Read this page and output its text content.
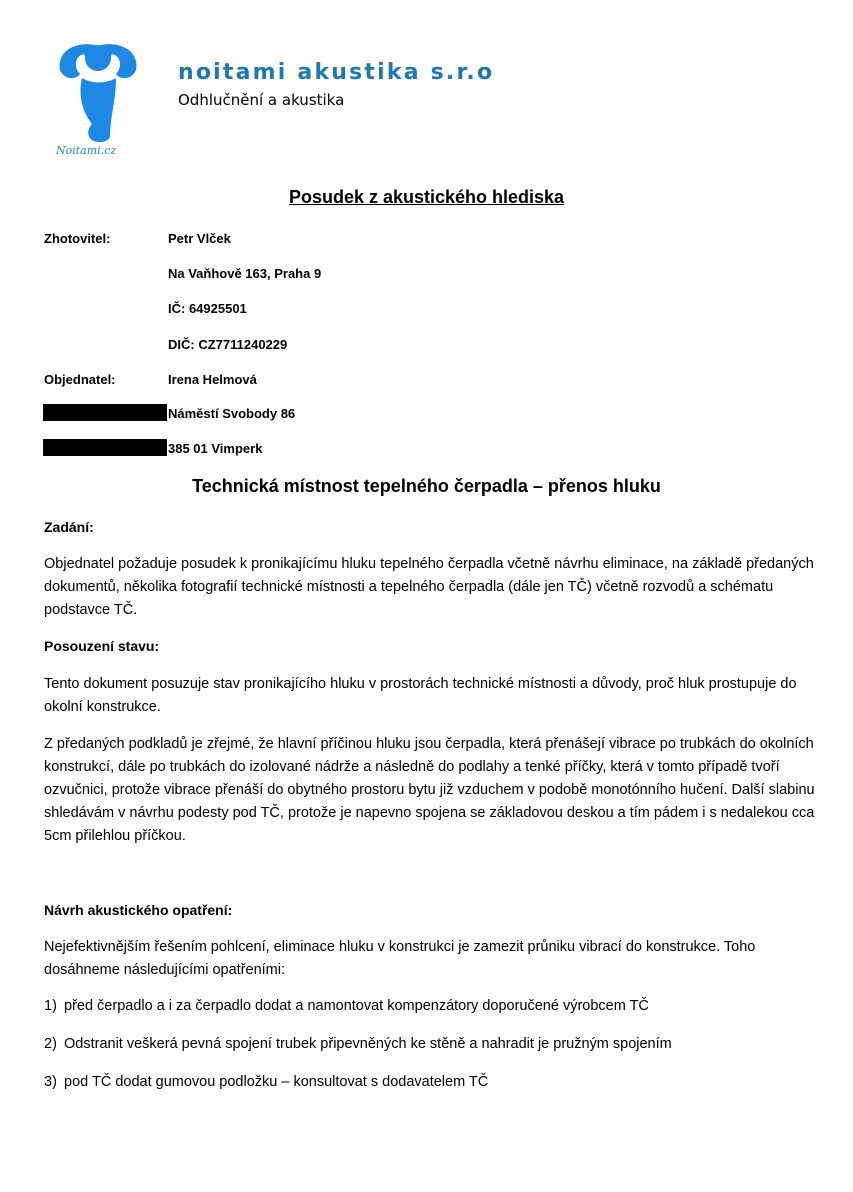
Noitami.cz
noitami akustika s.r.o
Odhlučnění a akustika
Posudek z akustického hlediska
Zhotovitel:	Petr Vlček
Na Vaňhově 163, Praha 9
IČ: 64925501
DIČ: CZ7711240229
Objednatel:	Irena Helmová
Náměstí Svobody 86
385 01 Vimperk
Technická místnost tepelného čerpadla – přenos hluku
Zadání:
Objednatel požaduje posudek k pronikajícímu hluku tepelného čerpadla včetně návrhu eliminace, na základě předaných dokumentů, několika fotografií technické místnosti a tepelného čerpadla (dále jen TČ) včetně rozvodů a schématu podstavce TČ.
Posouzení stavu:
Tento dokument posuzuje stav pronikajícího hluku v prostorách technické místnosti a důvody, proč hluk prostupuje do okolní konstrukce.
Z předaných podkladů je zřejmé, že hlavní příčinou hluku jsou čerpadla, která přenášejí vibrace po trubkách do okolních konstrukcí, dále po trubkách do izolované nádrže a následně do podlahy a tenké příčky, která v tomto případě tvoří ozvučnici, protože vibrace přenáší do obytného prostoru bytu již vzduchem v podobě monotónního hučení. Další slabinu shledávám v návrhu podesty pod TČ, protože je napevno spojena se základovou deskou a tím pádem i s nedalekou cca 5cm přilehlou příčkou.
Návrh akustického opatření:
Nejefektivnějším řešením pohlcení, eliminace hluku v konstrukci je zamezit průniku vibrací do konstrukce. Toho dosáhneme následujícími opatřeními:
1) před čerpadlo a i za čerpadlo dodat a namontovat kompenzátory doporučené výrobcem TČ
2) Odstranit veškerá pevná spojení trubek připevněných ke stěně a nahradit je pružným spojením
3) pod TČ dodat gumovou podložku – konsultovat s dodavatelem TČ
